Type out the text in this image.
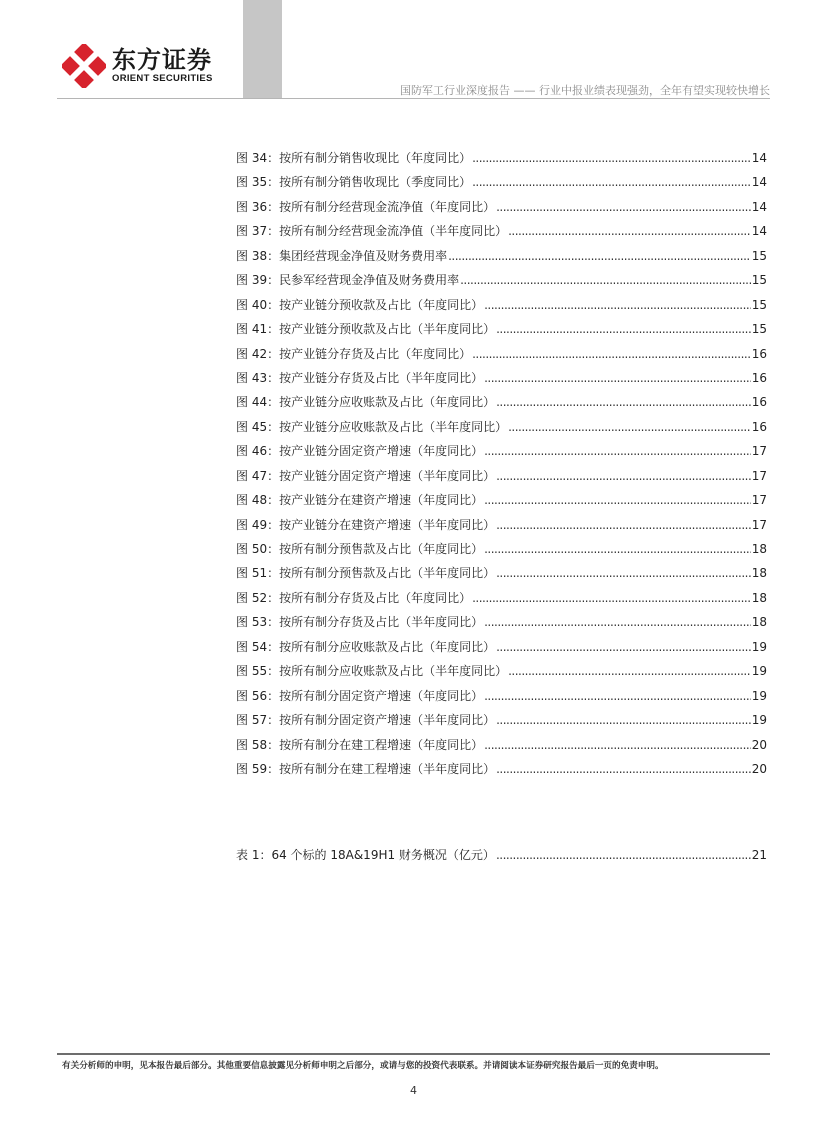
东方证券
ORIENT SECURITIES
国防军工行业深度报告 —— 行业中报业绩表现强劲，全年有望实现较快增长
图 34：按所有制分销售收现比（年度同比） .....	14
图 35：按所有制分销售收现比（季度同比） .....	14
图 36：按所有制分经营现金流净值（年度同比） .....	14
图 37：按所有制分经营现金流净值（半年度同比） .....	14
图 38：集团经营现金净值及财务费用率 .....	15
图 39：民参军经营现金净值及财务费用率 .....	15
图 40：按产业链分预收款及占比（年度同比） .....	15
图 41：按产业链分预收款及占比（半年度同比） .....	15
图 42：按产业链分存货及占比（年度同比） .....	16
图 43：按产业链分存货及占比（半年度同比） .....	16
图 44：按产业链分应收账款及占比（年度同比） .....	16
图 45：按产业链分应收账款及占比（半年度同比） .....	16
图 46：按产业链分固定资产增速（年度同比） .....	17
图 47：按产业链分固定资产增速（半年度同比） .....	17
图 48：按产业链分在建资产增速（年度同比） .....	17
图 49：按产业链分在建资产增速（半年度同比） .....	17
图 50：按所有制分预售款及占比（年度同比） .....	18
图 51：按所有制分预售款及占比（半年度同比） .....	18
图 52：按所有制分存货及占比（年度同比） .....	18
图 53：按所有制分存货及占比（半年度同比） .....	18
图 54：按所有制分应收账款及占比（年度同比） .....	19
图 55：按所有制分应收账款及占比（半年度同比） .....	19
图 56：按所有制分固定资产增速（年度同比） .....	19
图 57：按所有制分固定资产增速（半年度同比） .....	19
图 58：按所有制分在建工程增速（年度同比） .....	20
图 59：按所有制分在建工程增速（半年度同比） .....	20
表 1：64 个标的 18A&19H1 财务概况（亿元） .....	21
有关分析师的申明，见本报告最后部分。其他重要信息披露见分析师申明之后部分，或请与您的投资代表联系。并请阅读本证券研究报告最后一页的免责申明。
4
